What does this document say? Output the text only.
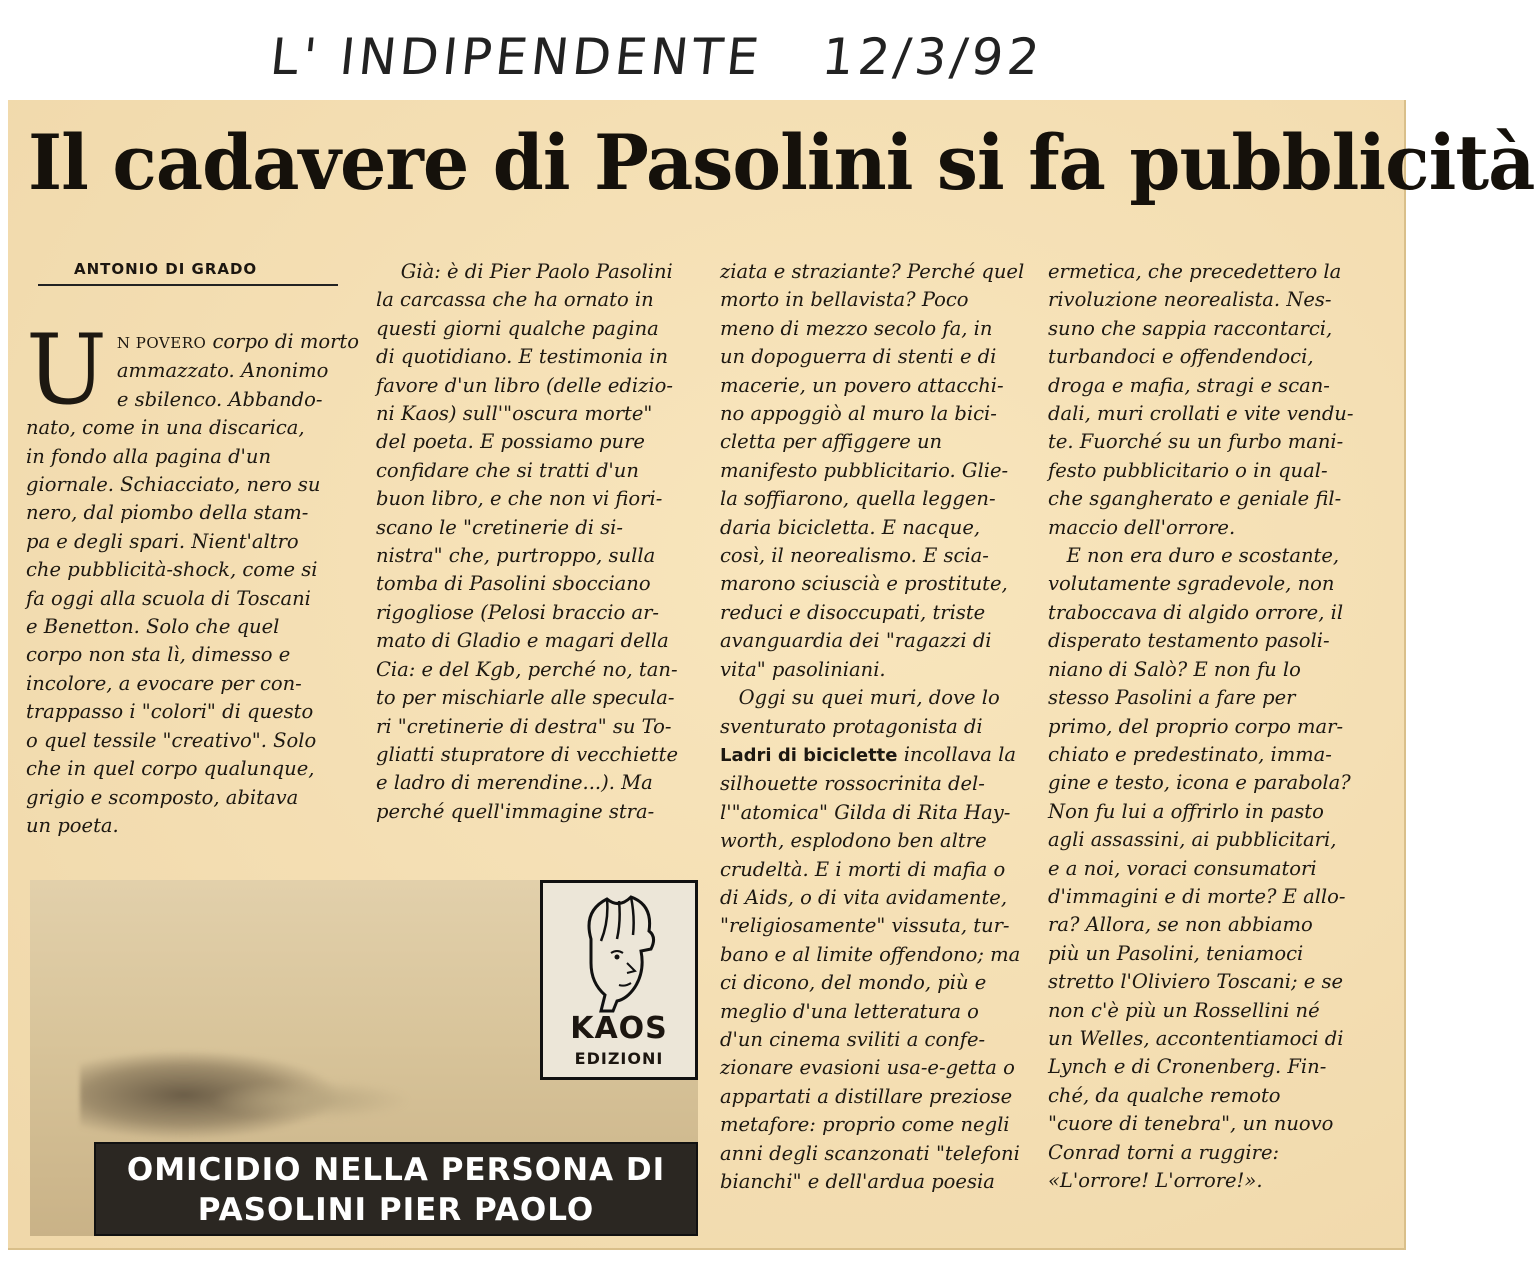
L' INDIPENDENTE 12/3/92
Il cadavere di Pasolini si fa pubblicità
ANTONIO DI GRADO
U N POVERO corpo di morto
ammazzato. Anonimo
e sbilenco. Abbando-
nato, come in una discarica,
in fondo alla pagina d'un
giornale. Schiacciato, nero su
nero, dal piombo della stam-
pa e degli spari. Nient'altro
che pubblicità-shock, come si
fa oggi alla scuola di Toscani
e Benetton. Solo che quel
corpo non sta lì, dimesso e
incolore, a evocare per con-
trappasso i "colori" di questo
o quel tessile "creativo". Solo
che in quel corpo qualunque,
grigio e scomposto, abitava
un poeta.
Già: è di Pier Paolo Pasolini
la carcassa che ha ornato in
questi giorni qualche pagina
di quotidiano. E testimonia in
favore d'un libro (delle edizio-
ni Kaos) sull'"oscura morte"
del poeta. E possiamo pure
confidare che si tratti d'un
buon libro, e che non vi fiori-
scano le "cretinerie di si-
nistra" che, purtroppo, sulla
tomba di Pasolini sbocciano
rigogliose (Pelosi braccio ar-
mato di Gladio e magari della
Cia: e del Kgb, perché no, tan-
to per mischiarle alle specula-
ri "cretinerie di destra" su To-
gliatti stupratore di vecchiette
e ladro di merendine...). Ma
perché quell'immagine stra-
ziata e straziante? Perché quel
morto in bellavista? Poco
meno di mezzo secolo fa, in
un dopoguerra di stenti e di
macerie, un povero attacchi-
no appoggiò al muro la bici-
cletta per affiggere un
manifesto pubblicitario. Glie-
la soffiarono, quella leggen-
daria bicicletta. E nacque,
così, il neorealismo. E scia-
marono sciuscià e prostitute,
reduci e disoccupati, triste
avanguardia dei "ragazzi di
vita" pasoliniani.
Oggi su quei muri, dove lo
sventurato protagonista di
Ladri di biciclette incollava la
silhouette rossocrinita del-
l'"atomica" Gilda di Rita Hay-
worth, esplodono ben altre
crudeltà. E i morti di mafia o
di Aids, o di vita avidamente,
"religiosamente" vissuta, tur-
bano e al limite offendono; ma
ci dicono, del mondo, più e
meglio d'una letteratura o
d'un cinema sviliti a confe-
zionare evasioni usa-e-getta o
appartati a distillare preziose
metafore: proprio come negli
anni degli scanzonati "telefoni
bianchi" e dell'ardua poesia
ermetica, che precedettero la
rivoluzione neorealista. Nes-
suno che sappia raccontarci,
turbandoci e offendendoci,
droga e mafia, stragi e scan-
dali, muri crollati e vite vendu-
te. Fuorché su un furbo mani-
festo pubblicitario o in qual-
che sgangherato e geniale fil-
maccio dell'orrore.
E non era duro e scostante,
volutamente sgradevole, non
traboccava di algido orrore, il
disperato testamento pasoli-
niano di Salò? E non fu lo
stesso Pasolini a fare per
primo, del proprio corpo mar-
chiato e predestinato, imma-
gine e testo, icona e parabola?
Non fu lui a offrirlo in pasto
agli assassini, ai pubblicitari,
e a noi, voraci consumatori
d'immagini e di morte? E allo-
ra? Allora, se non abbiamo
più un Pasolini, teniamoci
stretto l'Oliviero Toscani; e se
non c'è più un Rossellini né
un Welles, accontentiamoci di
Lynch e di Cronenberg. Fin-
ché, da qualche remoto
"cuore di tenebra", un nuovo
Conrad torni a ruggire:
«L'orrore! L'orrore!».
KAOS
EDIZIONI
OMICIDIO NELLA PERSONA DI
PASOLINI PIER PAOLO
